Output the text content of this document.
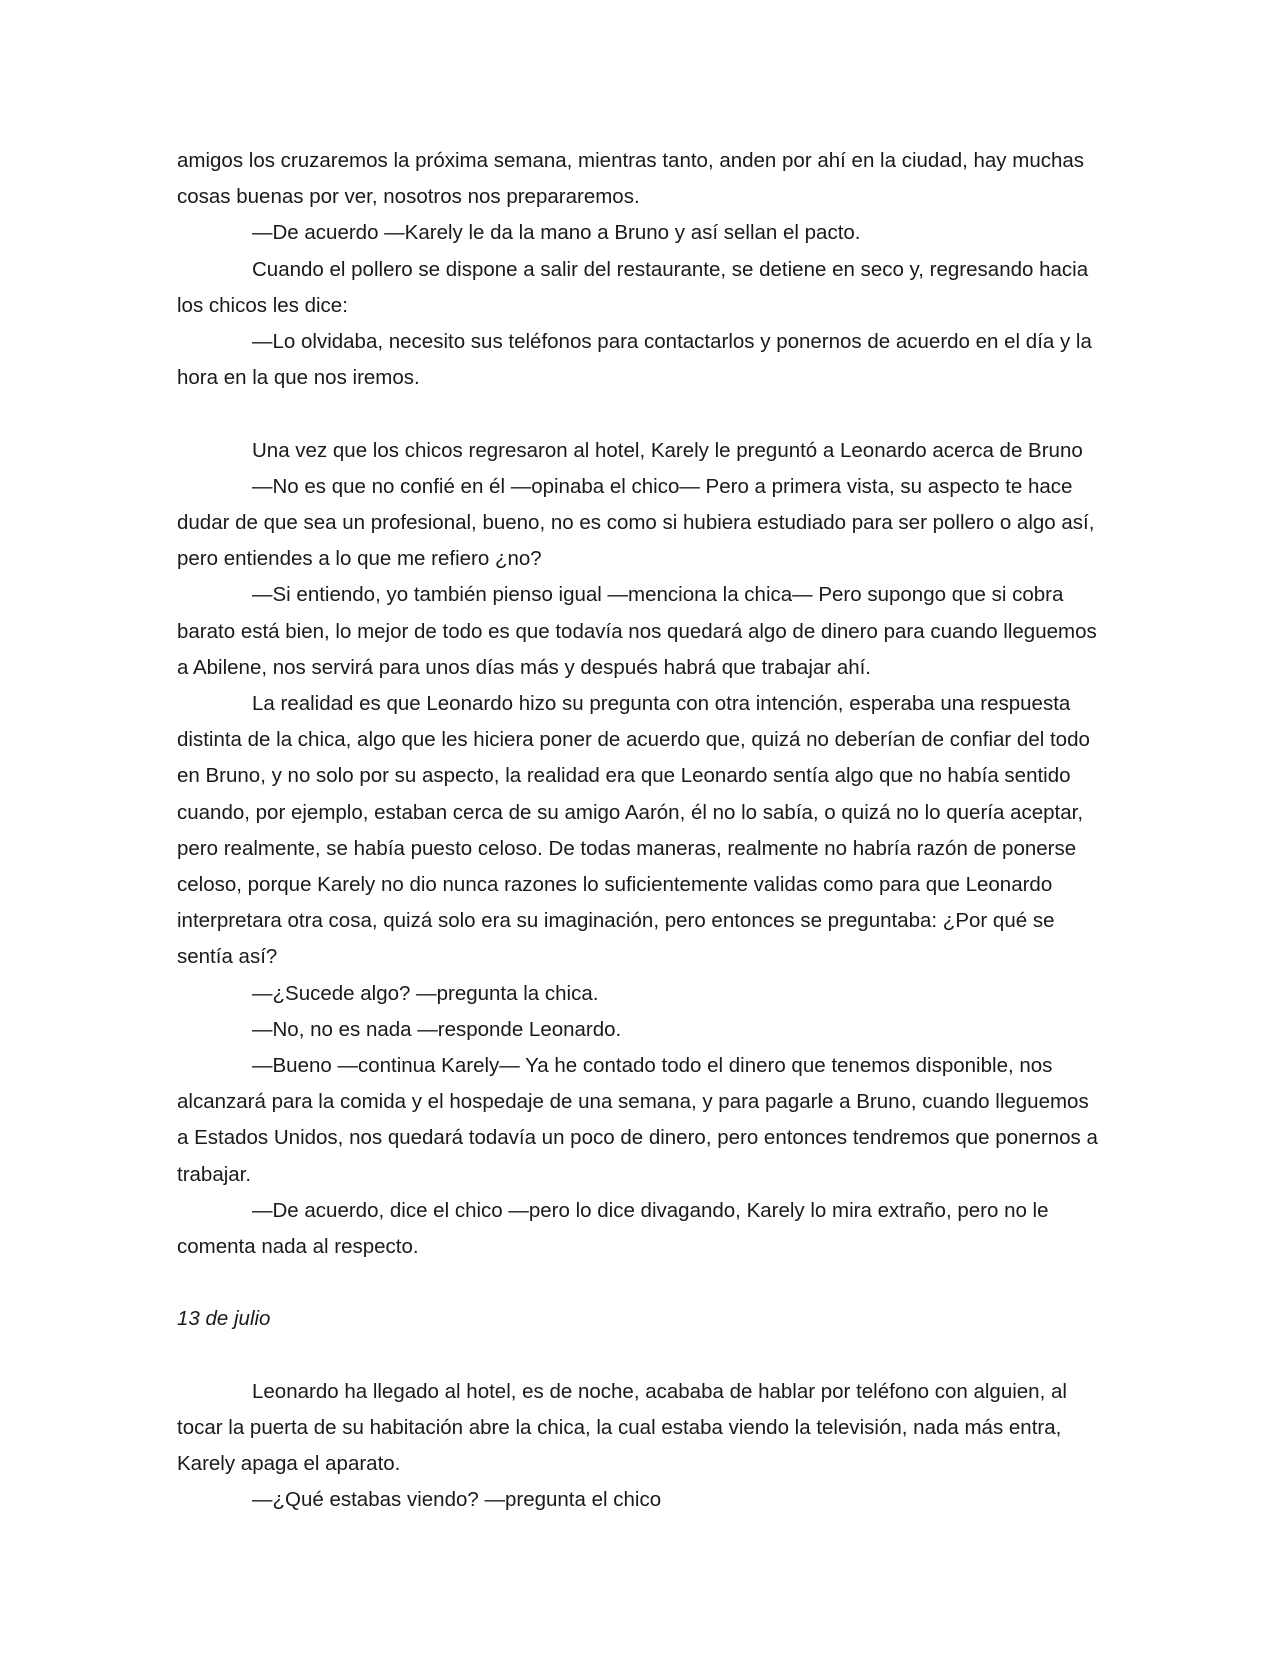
amigos los cruzaremos la próxima semana, mientras tanto, anden por ahí en la ciudad, hay muchas cosas buenas por ver, nosotros nos prepararemos.

—De acuerdo —Karely le da la mano a Bruno y así sellan el pacto.

Cuando el pollero se dispone a salir del restaurante, se detiene en seco y, regresando hacia los chicos les dice:

—Lo olvidaba, necesito sus teléfonos para contactarlos y ponernos de acuerdo en el día y la hora en la que nos iremos.

Una vez que los chicos regresaron al hotel, Karely le preguntó a Leonardo acerca de Bruno

—No es que no confié en él —opinaba el chico— Pero a primera vista, su aspecto te hace dudar de que sea un profesional, bueno, no es como si hubiera estudiado para ser pollero o algo así, pero entiendes a lo que me refiero ¿no?

—Si entiendo, yo también pienso igual —menciona la chica— Pero supongo que si cobra barato está bien, lo mejor de todo es que todavía nos quedará algo de dinero para cuando lleguemos a Abilene, nos servirá para unos días más y después habrá que trabajar ahí.

La realidad es que Leonardo hizo su pregunta con otra intención, esperaba una respuesta distinta de la chica, algo que les hiciera poner de acuerdo que, quizá no deberían de confiar del todo en Bruno, y no solo por su aspecto, la realidad era que Leonardo sentía algo que no había sentido cuando, por ejemplo, estaban cerca de su amigo Aarón, él no lo sabía, o quizá no lo quería aceptar, pero realmente, se había puesto celoso. De todas maneras, realmente no habría razón de ponerse celoso, porque Karely no dio nunca razones lo suficientemente validas como para que Leonardo interpretara otra cosa, quizá solo era su imaginación, pero entonces se preguntaba: ¿Por qué se sentía así?

—¿Sucede algo? —pregunta la chica.

—No, no es nada —responde Leonardo.

—Bueno —continua Karely— Ya he contado todo el dinero que tenemos disponible, nos alcanzará para la comida y el hospedaje de una semana, y para pagarle a Bruno, cuando lleguemos a Estados Unidos, nos quedará todavía un poco de dinero, pero entonces tendremos que ponernos a trabajar.

—De acuerdo, dice el chico —pero lo dice divagando, Karely lo mira extraño, pero no le comenta nada al respecto.

13 de julio

Leonardo ha llegado al hotel, es de noche, acababa de hablar por teléfono con alguien, al tocar la puerta de su habitación abre la chica, la cual estaba viendo la televisión, nada más entra, Karely apaga el aparato.

—¿Qué estabas viendo? —pregunta el chico
